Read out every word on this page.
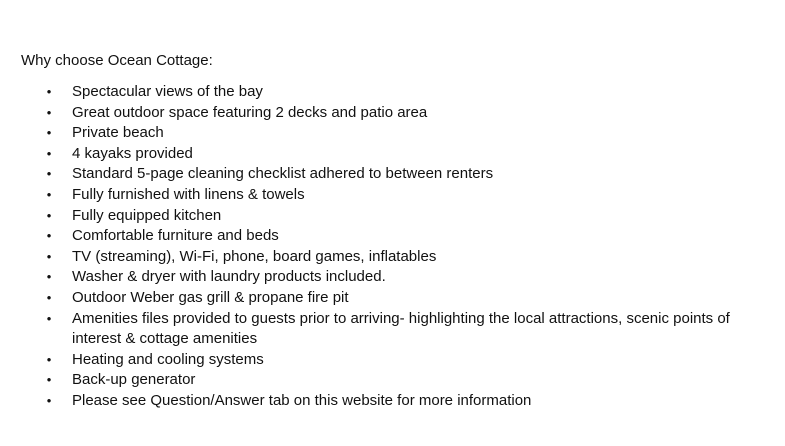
Why choose Ocean Cottage:

• Spectacular views of the bay
• Great outdoor space featuring 2 decks and patio area
• Private beach
• 4 kayaks provided
• Standard 5-page cleaning checklist adhered to between renters
• Fully furnished with linens & towels
• Fully equipped kitchen
• Comfortable furniture and beds
• TV (streaming), Wi-Fi, phone, board games, inflatables
• Washer & dryer with laundry products included.
• Outdoor Weber gas grill & propane fire pit
• Amenities files provided to guests prior to arriving- highlighting the local attractions, scenic points of interest & cottage amenities
• Heating and cooling systems
• Back-up generator
• Please see Question/Answer tab on this website for more information
